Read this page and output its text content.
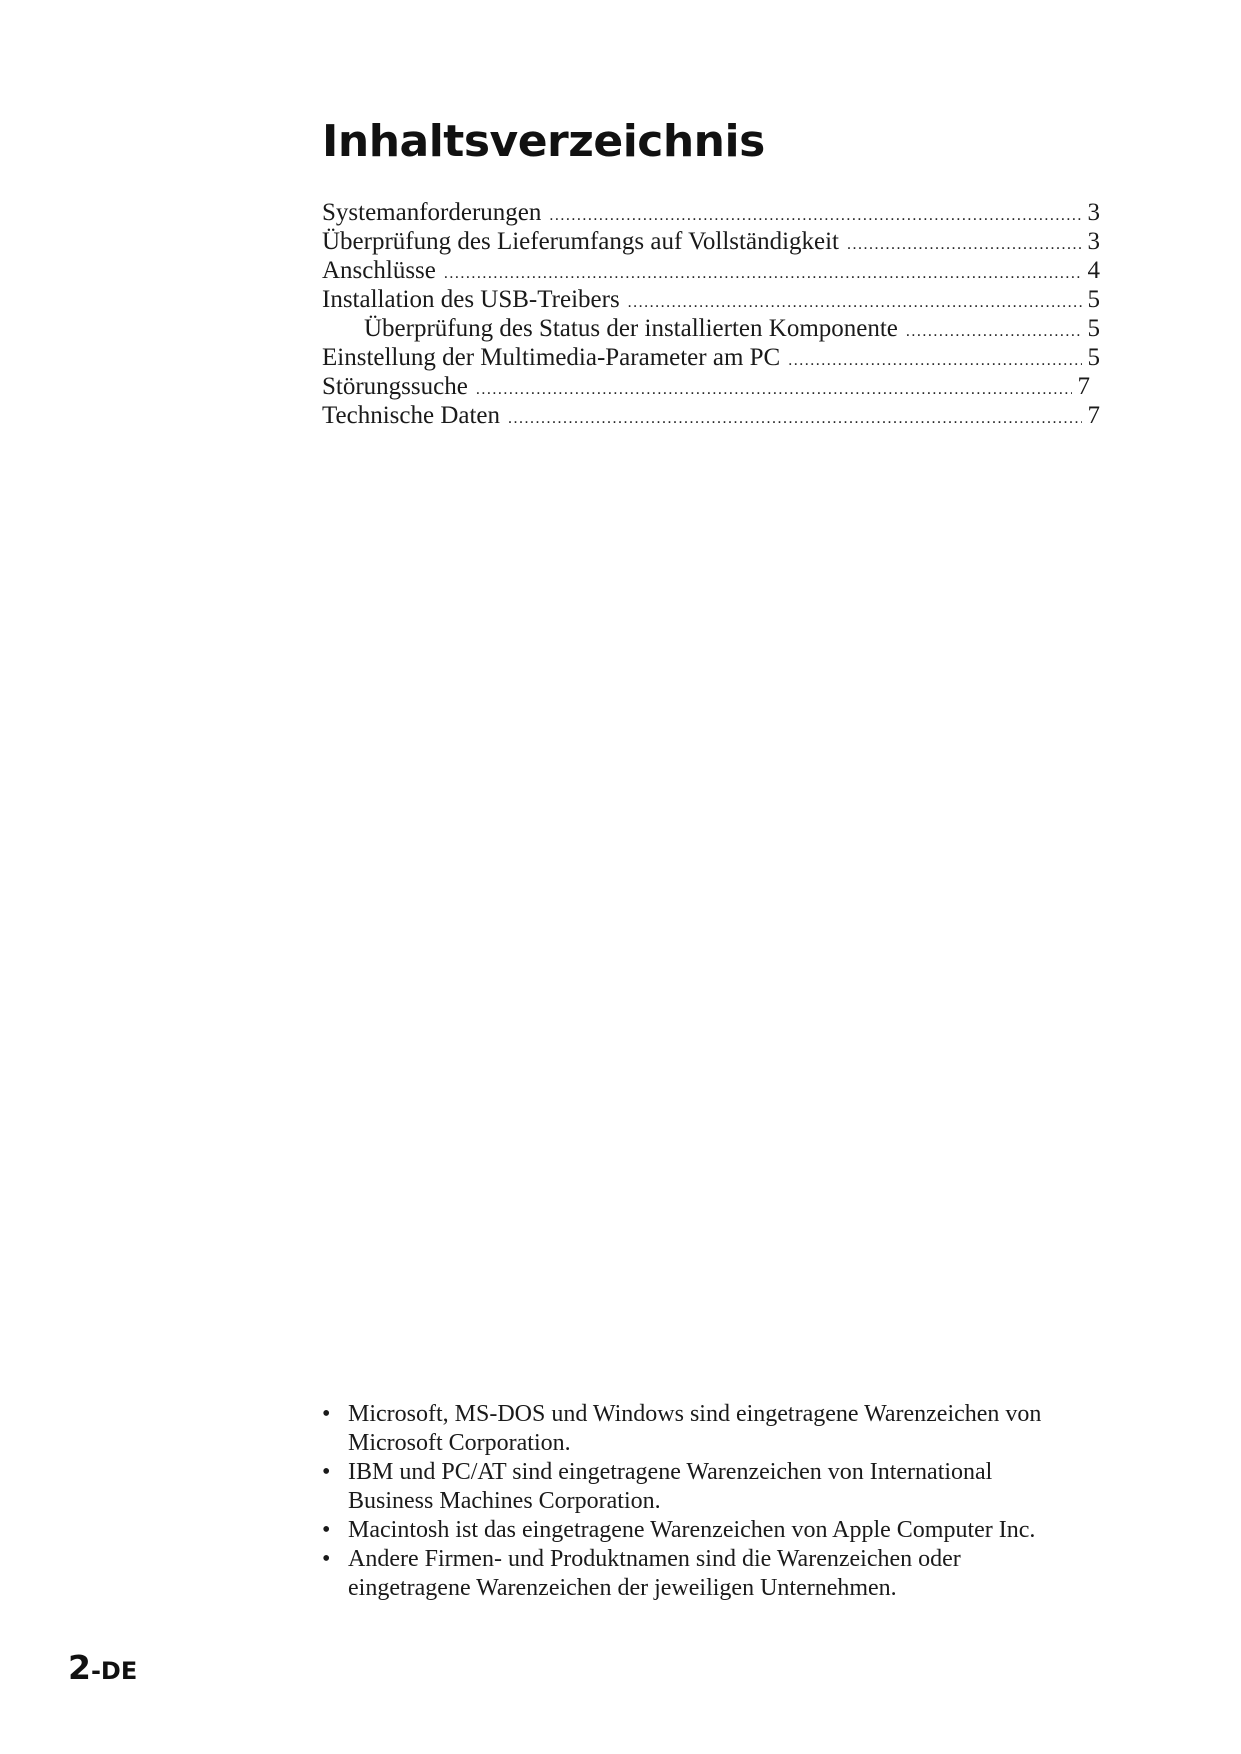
Inhaltsverzeichnis
Systemanforderungen .....	3
Überprüfung des Lieferumfangs auf Vollständigkeit .....	3
Anschlüsse .....	4
Installation des USB-Treibers .....	5
Überprüfung des Status der installierten Komponente .....	5
Einstellung der Multimedia-Parameter am PC .....	5
Störungssuche .....	7
Technische Daten .....	7
• Microsoft, MS-DOS und Windows sind eingetragene Warenzeichen von Microsoft Corporation.
• IBM und PC/AT sind eingetragene Warenzeichen von International Business Machines Corporation.
• Macintosh ist das eingetragene Warenzeichen von Apple Computer Inc.
• Andere Firmen- und Produktnamen sind die Warenzeichen oder eingetragene Warenzeichen der jeweiligen Unternehmen.
2-DE
